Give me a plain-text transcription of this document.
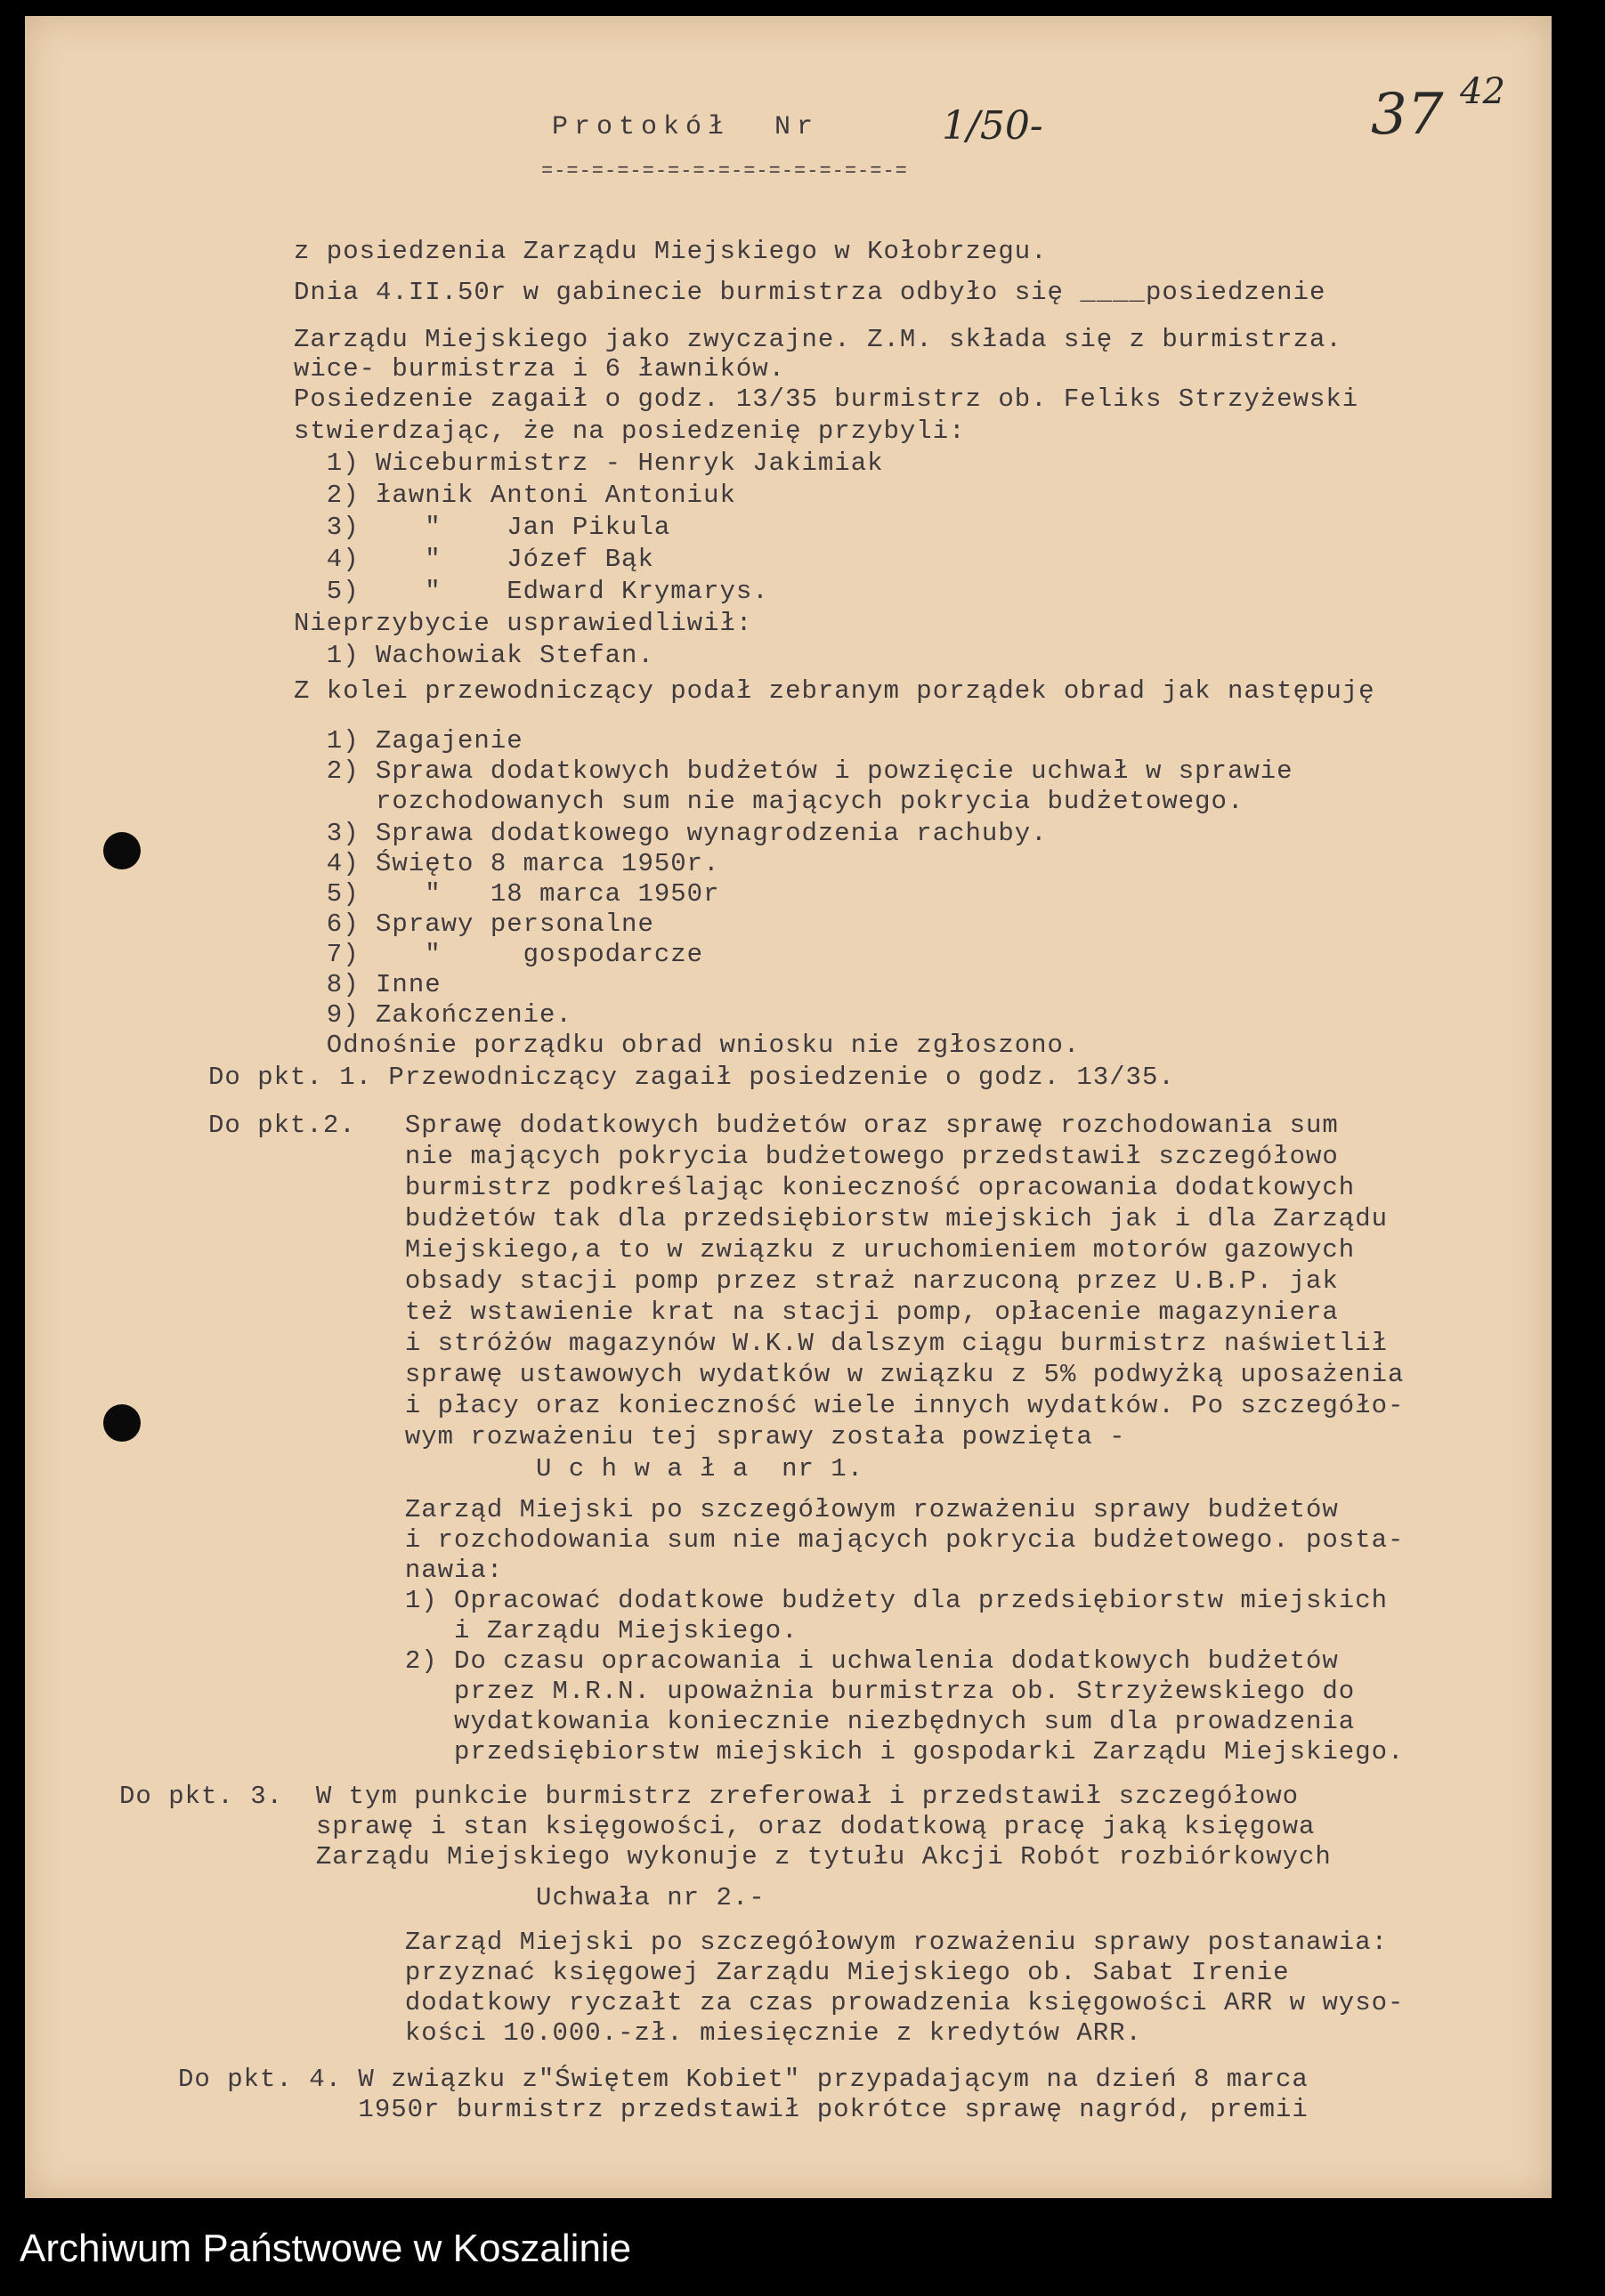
Protokół  Nr	1/50-	37 42
=-=-=-=-=-=-=-=-=-=-=-=-=-=-=
z posiedzenia Zarządu Miejskiego w Kołobrzegu.
Dnia 4.II.50r w gabinecie burmistrza odbyło się ____posiedzenie
Zarządu Miejskiego jako zwyczajne. Z.M. składa się z burmistrza.
wice- burmistrza i 6 ławników.
Posiedzenie zagaił o godz. 13/35 burmistrz ob. Feliks Strzyżewski
stwierdzając, że na posiedzenię przybyli:
1) Wiceburmistrz - Henryk Jakimiak
2) ławnik Antoni Antoniuk
3)    "    Jan Pikula
4)    "    Józef Bąk
5)    "    Edward Krymarys.
Nieprzybycie usprawiedliwił:
1) Wachowiak Stefan.
Z kolei przewodniczący podał zebranym porządek obrad jak następuję
1) Zagajenie
2) Sprawa dodatkowych budżetów i powzięcie uchwał w sprawie
rozchodowanych sum nie mających pokrycia budżetowego.
3) Sprawa dodatkowego wynagrodzenia rachuby.
4) Święto 8 marca 1950r.
5)    "   18 marca 1950r
6) Sprawy personalne
7)    "     gospodarcze
8) Inne
9) Zakończenie.
Odnośnie porządku obrad wniosku nie zgłoszono.
Do pkt. 1. Przewodniczący zagaił posiedzenie o godz. 13/35.
Do pkt.2.   Sprawę dodatkowych budżetów oraz sprawę rozchodowania sum
nie mających pokrycia budżetowego przedstawił szczegółowo
burmistrz podkreślając konieczność opracowania dodatkowych
budżetów tak dla przedsiębiorstw miejskich jak i dla Zarządu
Miejskiego,a to w związku z uruchomieniem motorów gazowych
obsady stacji pomp przez straż narzuconą przez U.B.P. jak
też wstawienie krat na stacji pomp, opłacenie magazyniera
i stróżów magazynów W.K.W dalszym ciągu burmistrz naświetlił
sprawę ustawowych wydatków w związku z 5% podwyżką uposażenia
i płacy oraz konieczność wiele innych wydatków. Po szczegóło-
wym rozważeniu tej sprawy została powzięta -
U c h w a ł a  nr 1.
Zarząd Miejski po szczegółowym rozważeniu sprawy budżetów
i rozchodowania sum nie mających pokrycia budżetowego. posta-
nawia:
1) Opracować dodatkowe budżety dla przedsiębiorstw miejskich
i Zarządu Miejskiego.
2) Do czasu opracowania i uchwalenia dodatkowych budżetów
przez M.R.N. upoważnia burmistrza ob. Strzyżewskiego do
wydatkowania koniecznie niezbędnych sum dla prowadzenia
przedsiębiorstw miejskich i gospodarki Zarządu Miejskiego.
Do pkt. 3.  W tym punkcie burmistrz zreferował i przedstawił szczegółowo
sprawę i stan księgowości, oraz dodatkową pracę jaką księgowa
Zarządu Miejskiego wykonuje z tytułu Akcji Robót rozbiórkowych
Uchwała nr 2.-
Zarząd Miejski po szczegółowym rozważeniu sprawy postanawia:
przyznać księgowej Zarządu Miejskiego ob. Sabat Irenie
dodatkowy ryczałt za czas prowadzenia księgowości ARR w wyso-
kości 10.000.-zł. miesięcznie z kredytów ARR.
Do pkt. 4. W związku z"Świętem Kobiet" przypadającym na dzień 8 marca
1950r burmistrz przedstawił pokrótce sprawę nagród, premii
Archiwum Państwowe w Koszalinie
